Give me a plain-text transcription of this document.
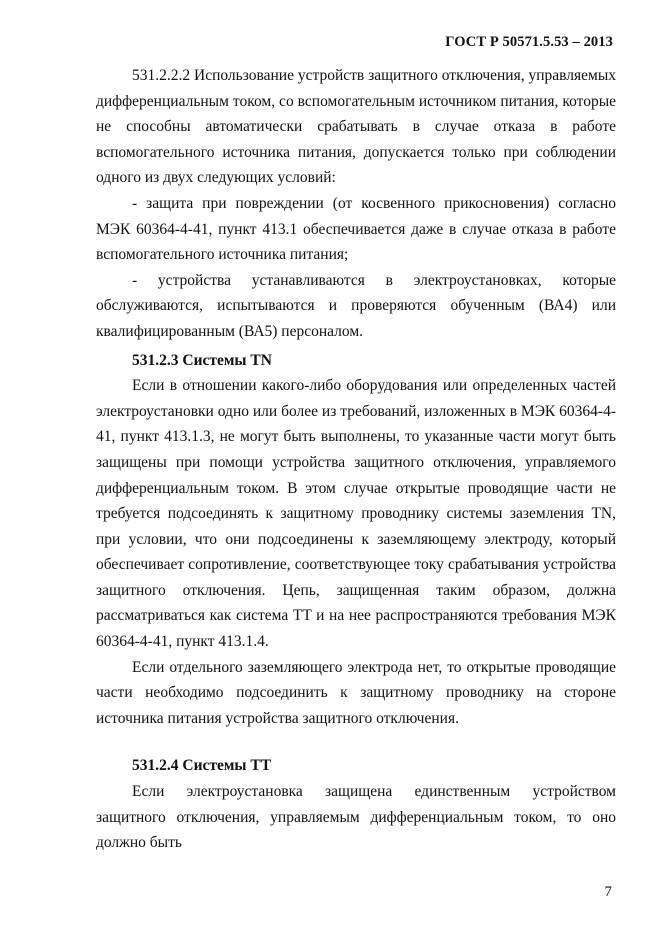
ГОСТ Р 50571.5.53 – 2013

531.2.2.2 Использование устройств защитного отключения, управляемых дифференциальным током, со вспомогательным источником питания, которые не способны автоматически срабатывать в случае отказа в работе вспомогательного источника питания, допускается только при соблюдении одного из двух следующих условий:

- защита при повреждении (от косвенного прикосновения) согласно МЭК 60364-4-41, пункт 413.1 обеспечивается даже в случае отказа в работе вспомогательного источника питания;

- устройства устанавливаются в электроустановках, которые обслуживаются, испытываются и проверяются обученным (ВА4) или квалифицированным (ВА5) персоналом.

531.2.3 Системы TN

Если в отношении какого-либо оборудования или определенных частей электроустановки одно или более из требований, изложенных в МЭК 60364-4-41, пункт 413.1.3, не могут быть выполнены, то указанные части могут быть защищены при помощи устройства защитного отключения, управляемого дифференциальным током. В этом случае открытые проводящие части не требуется подсоединять к защитному проводнику системы заземления TN, при условии, что они подсоединены к заземляющему электроду, который обеспечивает сопротивление, соответствующее току срабатывания устройства защитного отключения. Цепь, защищенная таким образом, должна рассматриваться как система TT и на нее распространяются требования МЭК 60364-4-41, пункт 413.1.4.

Если отдельного заземляющего электрода нет, то открытые проводящие части необходимо подсоединить к защитному проводнику на стороне источника питания устройства защитного отключения.

531.2.4 Системы TT

Если электроустановка защищена единственным устройством защитного отключения, управляемым дифференциальным током, то оно должно быть

7
